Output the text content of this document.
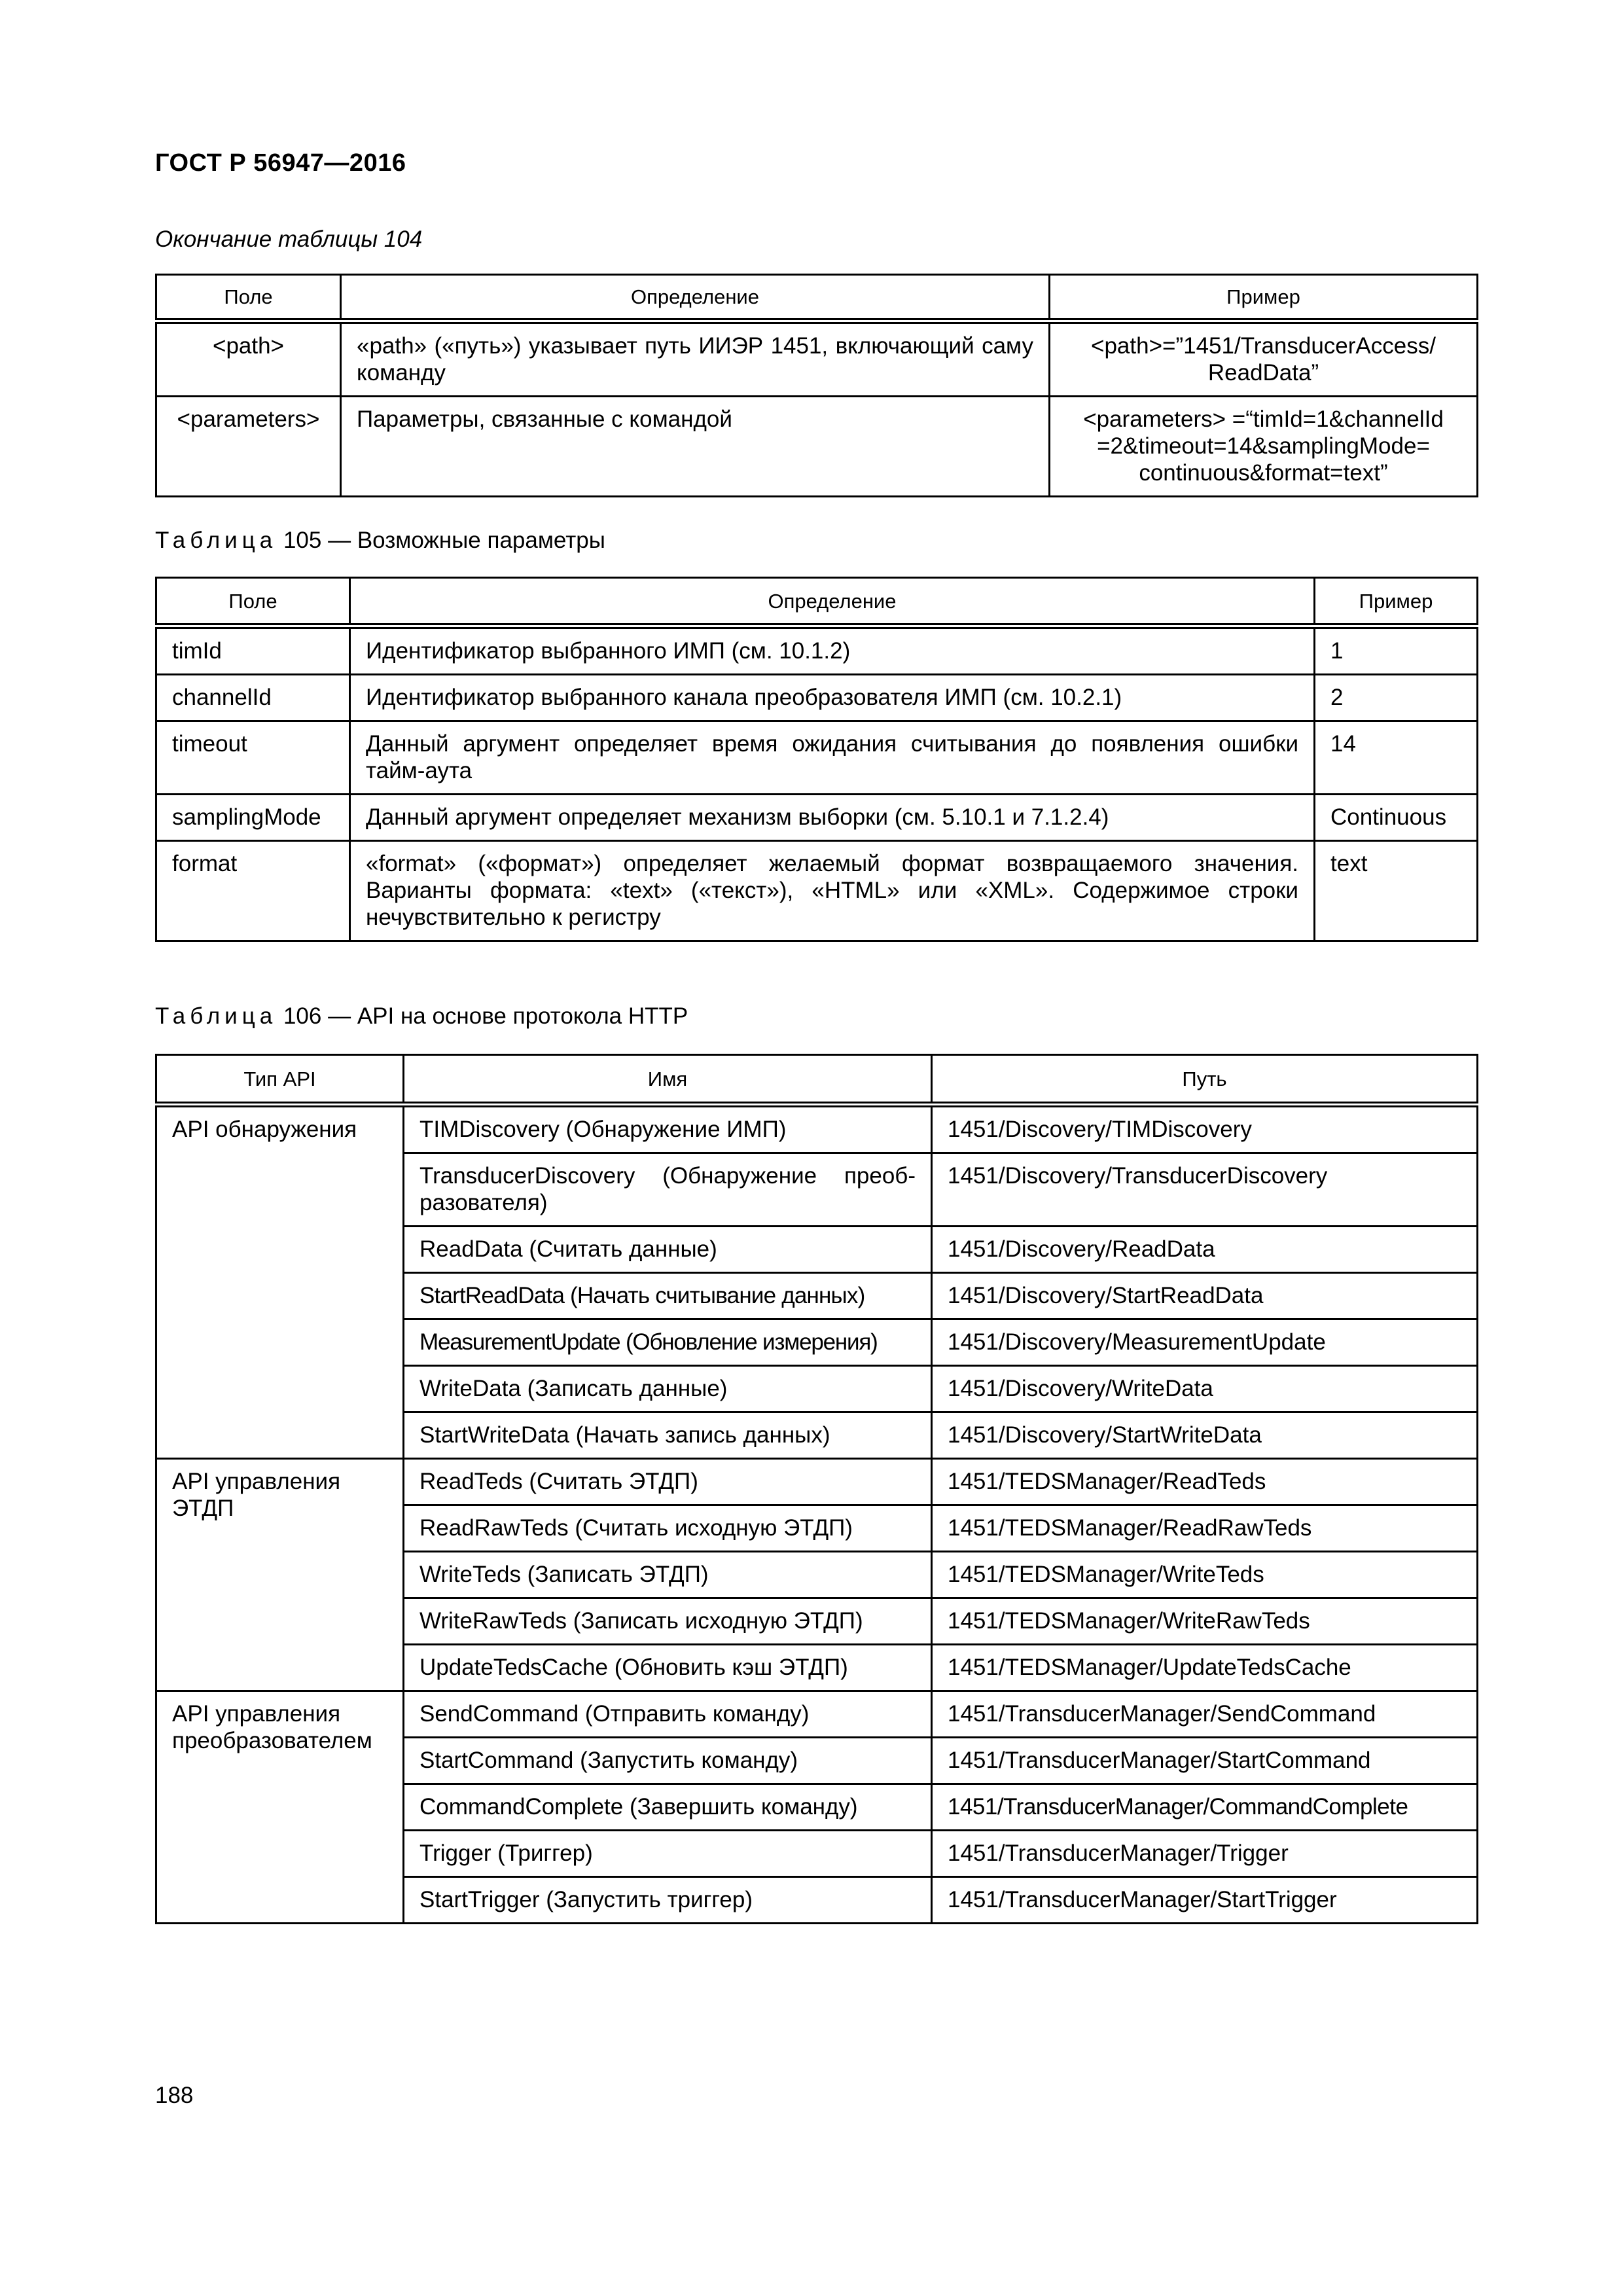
ГОСТ Р 56947—2016
Окончание таблицы 104
Поле	Определение	Пример
<path>	«path» («путь») указывает путь ИИЭР 1451, включающий саму команду	<path>=”1451/TransducerAccess/ ReadData”
<parameters>	Параметры, связанные с командой	<parameters> =“timId=1&channelId =2&timeout=14&samplingMode= continuous&format=text”
Таблица 105 — Возможные параметры
Поле	Определение	Пример
timId	Идентификатор выбранного ИМП (см. 10.1.2)	1
channelId	Идентификатор выбранного канала преобразователя ИМП (см. 10.2.1)	2
timeout	Данный аргумент определяет время ожидания считывания до появления ошибки тайм-аута	14
samplingMode	Данный аргумент определяет механизм выборки (см. 5.10.1 и 7.1.2.4)	Continuous
format	«format» («формат») определяет желаемый формат возвращаемого значения. Варианты формата: «text» («текст»), «HTML» или «XML». Содержимое строки нечувствительно к регистру	text
Таблица 106 — API на основе протокола HTTP
Тип API	Имя	Путь
API обнаружения	TIMDiscovery (Обнаружение ИМП)	1451/Discovery/TIMDiscovery
	TransducerDiscovery (Обнаружение преоб-разователя)	1451/Discovery/TransducerDiscovery
	ReadData (Считать данные)	1451/Discovery/ReadData
	StartReadData (Начать считывание данных)	1451/Discovery/StartReadData
	MeasurementUpdate (Обновление измерения)	1451/Discovery/MeasurementUpdate
	WriteData (Записать данные)	1451/Discovery/WriteData
	StartWriteData (Начать запись данных)	1451/Discovery/StartWriteData
API управления ЭТДП	ReadTeds (Считать ЭТДП)	1451/TEDSManager/ReadTeds
	ReadRawTeds (Считать исходную ЭТДП)	1451/TEDSManager/ReadRawTeds
	WriteTeds (Записать ЭТДП)	1451/TEDSManager/WriteTeds
	WriteRawTeds (Записать исходную ЭТДП)	1451/TEDSManager/WriteRawTeds
	UpdateTedsCache (Обновить кэш ЭТДП)	1451/TEDSManager/UpdateTedsCache
API управления преобразователем	SendCommand (Отправить команду)	1451/TransducerManager/SendCommand
	StartCommand (Запустить команду)	1451/TransducerManager/StartCommand
	CommandComplete (Завершить команду)	1451/TransducerManager/CommandComplete
	Trigger (Триггер)	1451/TransducerManager/Trigger
	StartTrigger (Запустить триггер)	1451/TransducerManager/StartTrigger
188
